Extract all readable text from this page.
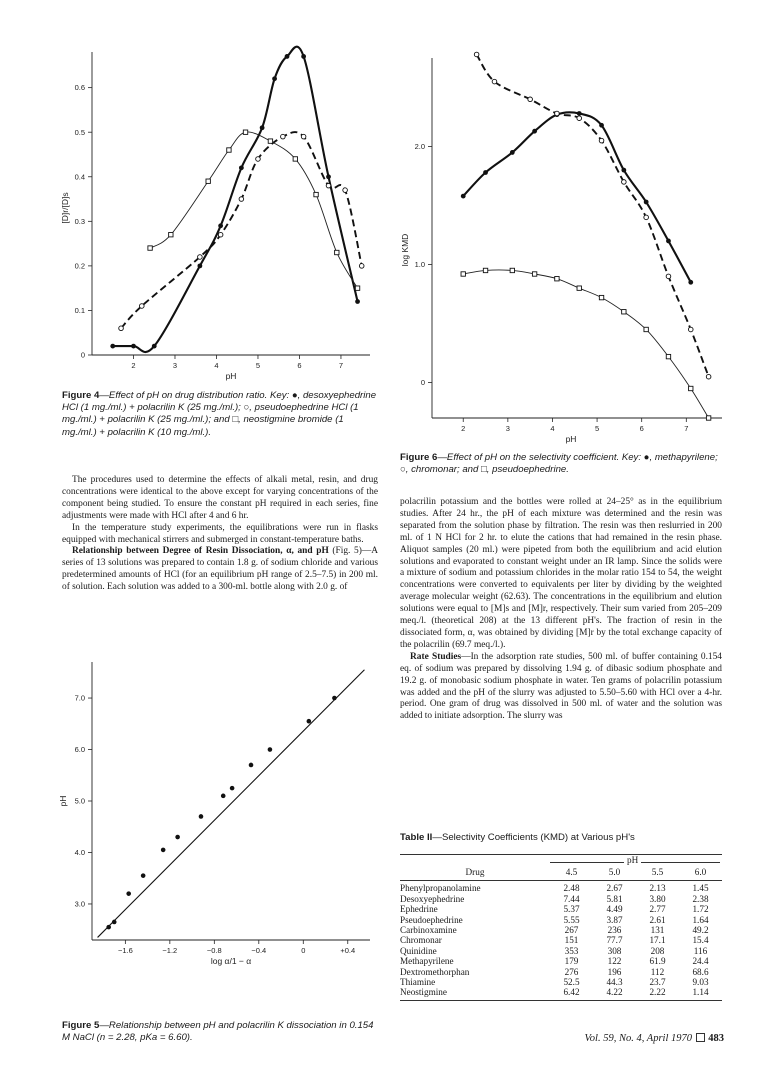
2	3	4	5	6	7
0
0.1
0.2
0.3
0.4
0.5
0.6
pH
[D]r/[D]s
Figure 4—Effect of pH on drug distribution ratio. Key: ●, desoxyephedrine HCl (1 mg./ml.) + polacrilin K (25 mg./ml.); ○, pseudoephedrine HCl (1 mg./ml.) + polacrilin K (25 mg./ml.); and □, neostigmine bromide (1 mg./ml.) + polacrilin K (10 mg./ml.).	2	3	4	5	6	7
0
1.0
2.0
pH
log KMD
Figure 6—Effect of pH on the selectivity coefficient. Key: ●, methapyrilene; ○, chromonar; and □, pseudoephedrine.

The procedures used to determine the effects of alkali metal, resin, and drug concentrations were identical to the above except for varying concentrations of the component being studied. To ensure the constant pH required in each series, fine adjustments were made with HCl after 4 and 6 hr.

In the temperature study experiments, the equilibrations were run in flasks equipped with mechanical stirrers and submerged in constant-temperature baths.

Relationship between Degree of Resin Dissociation, α, and pH (Fig. 5)—A series of 13 solutions was prepared to contain 1.8 g. of sodium chloride and various predetermined amounts of HCl (for an equilibrium pH range of 2.5–7.5) in 200 ml. of solution. Each solution was added to a 300-ml. bottle along with 2.0 g. of

−1.6	−1.2	−0.8	−0.4	0	+0.4
3.0
4.0
5.0
6.0
7.0
log α/1 − α
pH
Figure 5—Relationship between pH and polacrilin K dissociation in 0.154 M NaCl (n = 2.28, pKa = 6.60).

polacrilin potassium and the bottles were rolled at 24–25° as in the equilibrium studies. After 24 hr., the pH of each mixture was determined and the resin was separated from the solution phase by filtration. The resin was then reslurried in 200 ml. of 1 N HCl for 2 hr. to elute the cations that had remained in the resin phase. Aliquot samples (20 ml.) were pipeted from both the equilibrium and acid elution solutions and evaporated to constant weight under an IR lamp. Since the solids were a mixture of sodium and potassium chlorides in the molar ratio 154 to 54, the weight concentrations were converted to equivalents per liter by dividing by the weighted average molecular weight (62.63). The concentrations in the equilibrium and elution solutions were equal to [M]s and [M]r, respectively. Their sum varied from 205–209 meq./l. (theoretical 208) at the 13 different pH's. The fraction of resin in the dissociated form, α, was obtained by dividing [M]r by the total exchange capacity of the polacrilin (69.7 meq./l.).

Rate Studies—In the adsorption rate studies, 500 ml. of buffer containing 0.154 eq. of sodium was prepared by dissolving 1.94 g. of dibasic sodium phosphate and 19.2 g. of monobasic sodium phosphate in water. Ten grams of polacrilin potassium was added and the pH of the slurry was adjusted to 5.50–5.60 with HCl over a 4-hr. period. One gram of drug was dissolved in 500 ml. of water and the solution was added to initiate adsorption. The slurry was

Table II—Selectivity Coefficients (KMD) at Various pH's
pH
Drug	4.5	5.0	5.5	6.0
Phenylpropanolamine	2.48	2.67	2.13	1.45
Desoxyephedrine	7.44	5.81	3.80	2.38
Ephedrine	5.37	4.49	2.77	1.72
Pseudoephedrine	5.55	3.87	2.61	1.64
Carbinoxamine	267	236	131	49.2
Chromonar	151	77.7	17.1	15.4
Quinidine	353	308	208	116
Methapyrilene	179	122	61.9	24.4
Dextromethorphan	276	196	112	68.6
Thiamine	52.5	44.3	23.7	9.03
Neostigmine	6.42	4.22	2.22	1.14
Vol. 59, No. 4, April 1970 483
